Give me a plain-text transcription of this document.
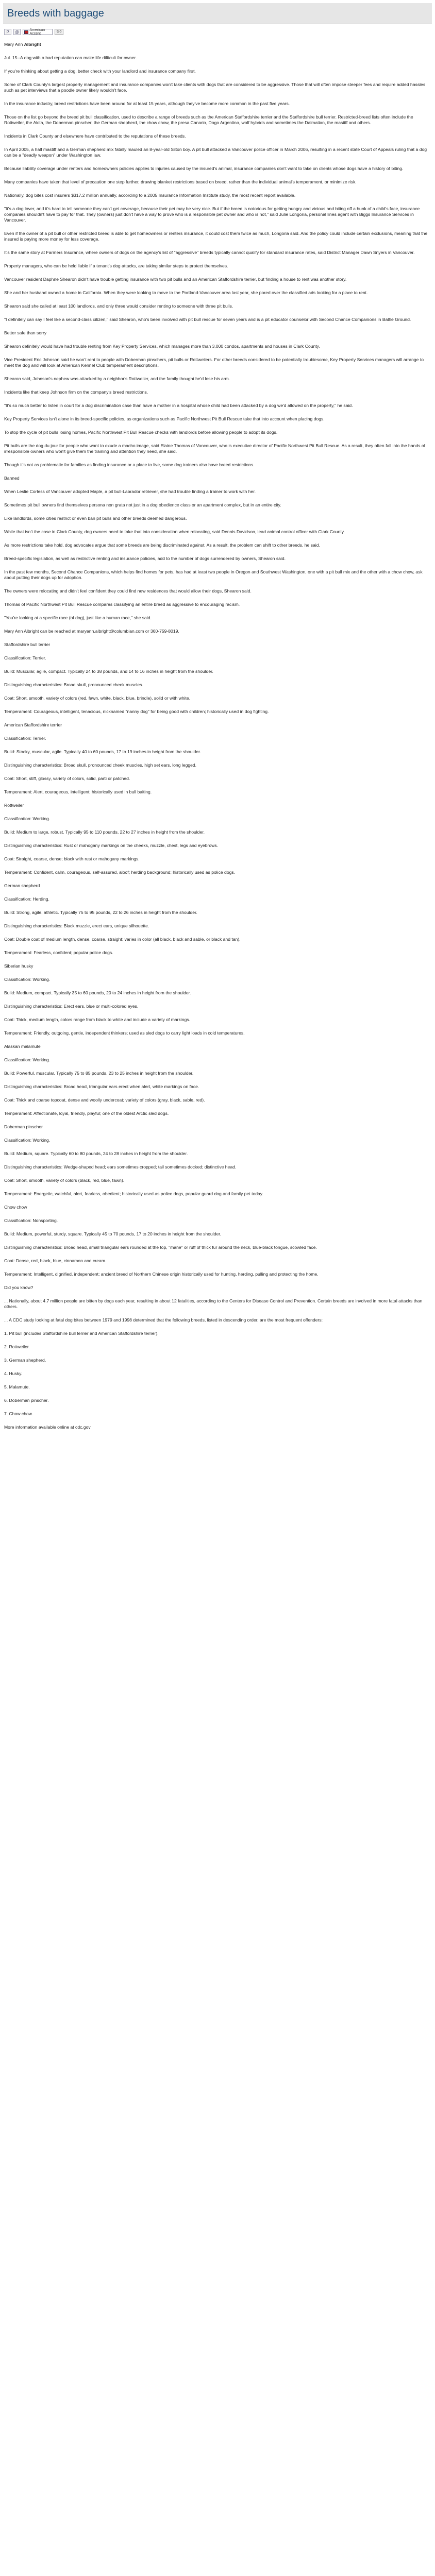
Breeds with baggage
P	@	American Accent
Go

Mary Ann Albright

Jul. 15--A dog with a bad reputation can make life difficult for owner.

If you're thinking about getting a dog, better check with your landlord and insurance company first.

Some of Clark County's largest property management and insurance companies won't take clients with dogs that are considered to be aggressive. Those that will often impose steeper fees and require added hassles such as pet interviews that a poodle owner likely wouldn't face.

In the insurance industry, breed restrictions have been around for at least 15 years, although they've become more common in the past five years.

Those on the list go beyond the breed pit bull classification, used to describe a range of breeds such as the American Staffordshire terrier and the Staffordshire bull terrier. Restricted-breed lists often include the Rottweiler, the Akita, the Doberman pinscher, the German shepherd, the chow chow, the presa Canario, Dogo Argentino, wolf hybrids and sometimes the Dalmatian, the mastiff and others.

Incidents in Clark County and elsewhere have contributed to the reputations of these breeds.

In April 2005, a half mastiff and a German shepherd mix fatally mauled an 8-year-old Silton boy. A pit bull attacked a Vancouver police officer in March 2006, resulting in a recent state Court of Appeals ruling that a dog can be a "deadly weapon" under Washington law.

Because liability coverage under renters and homeowners policies applies to injuries caused by the insured's animal, insurance companies don't want to take on clients whose dogs have a history of biting.

Many companies have taken that level of precaution one step further, drawing blanket restrictions based on breed, rather than the individual animal's temperament, or minimize risk.

Nationally, dog bites cost insurers $317.2 million annually, according to a 2005 Insurance Information Institute study, the most recent report available.

"It's a dog lover, and it's hard to tell someone they can't get coverage, because their pet may be very nice. But if the breed is notorious for getting hungry and vicious and biting off a hunk of a child's face, insurance companies shouldn't have to pay for that. They (owners) just don't have a way to prove who is a responsible pet owner and who is not," said Julie Longoria, personal lines agent with Biggs Insurance Services in Vancouver.

Even if the owner of a pit bull or other restricted breed is able to get homeowners or renters insurance, it could cost them twice as much, Longoria said. And the policy could include certain exclusions, meaning that the insured is paying more money for less coverage.

It's the same story at Farmers Insurance, where owners of dogs on the agency's list of "aggressive" breeds typically cannot qualify for standard insurance rates, said District Manager Dawn Snyers in Vancouver.

Property managers, who can be held liable if a tenant's dog attacks, are taking similar steps to protect themselves.

Vancouver resident Daphne Shearon didn't have trouble getting insurance with two pit bulls and an American Staffordshire terrier, but finding a house to rent was another story.

She and her husband owned a home in California. When they were looking to move to the Portland-Vancouver area last year, she pored over the classified ads looking for a place to rent.

Shearon said she called at least 100 landlords, and only three would consider renting to someone with three pit bulls.

"I definitely can say I feel like a second-class citizen," said Shearon, who's been involved with pit bull rescue for seven years and is a pit educator counselor with Second Chance Companions in Battle Ground.

Better safe than sorry

Shearon definitely would have had trouble renting from Key Property Services, which manages more than 3,000 condos, apartments and houses in Clark County.

Vice President Eric Johnson said he won't rent to people with Doberman pinschers, pit bulls or Rottweilers. For other breeds considered to be potentially troublesome, Key Property Services managers will arrange to meet the dog and will look at American Kennel Club temperament descriptions.

Shearon said, Johnson's nephew was attacked by a neighbor's Rottweiler, and the family thought he'd lose his arm.

Incidents like that keep Johnson firm on the company's breed restrictions.

"It's so much better to listen in court for a dog discrimination case than have a mother in a hospital whose child had been attacked by a dog we'd allowed on the property," he said.

Key Property Services isn't alone in its breed-specific policies, as organizations such as Pacific Northwest Pit Bull Rescue take that into account when placing dogs.

To stop the cycle of pit bulls losing homes, Pacific Northwest Pit Bull Rescue checks with landlords before allowing people to adopt its dogs.

Pit bulls are the dog du jour for people who want to exude a macho image, said Elaine Thomas of Vancouver, who is executive director of Pacific Northwest Pit Bull Rescue. As a result, they often fall into the hands of irresponsible owners who won't give them the training and attention they need, she said.

Though it's not as problematic for families as finding insurance or a place to live, some dog trainers also have breed restrictions.

Banned

When Leslie Corless of Vancouver adopted Maple, a pit bull-Labrador retriever, she had trouble finding a trainer to work with her.

Sometimes pit bull owners find themselves persona non grata not just in a dog obedience class or an apartment complex, but in an entire city.

Like landlords, some cities restrict or even ban pit bulls and other breeds deemed dangerous.

While that isn't the case in Clark County, dog owners need to take that into consideration when relocating, said Dennis Davidson, lead animal control officer with Clark County.

As more restrictions take hold, dog advocates argue that some breeds are being discriminated against. As a result, the problem can shift to other breeds, he said.

Breed-specific legislation, as well as restrictive renting and insurance policies, add to the number of dogs surrendered by owners, Shearon said.

In the past few months, Second Chance Companions, which helps find homes for pets, has had at least two people in Oregon and Southwest Washington, one with a pit bull mix and the other with a chow chow, ask about putting their dogs up for adoption.

The owners were relocating and didn't feel confident they could find new residences that would allow their dogs, Shearon said.

Thomas of Pacific Northwest Pit Bull Rescue compares classifying an entire breed as aggressive to encouraging racism.

"You're looking at a specific race (of dog), just like a human race," she said.

Mary Ann Albright can be reached at maryann.albright@columbian.com or 360-759-8019.

Staffordshire bull terrier

Classification: Terrier.

Build: Muscular, agile, compact. Typically 24 to 38 pounds, and 14 to 16 inches in height from the shoulder.

Distinguishing characteristics: Broad skull, pronounced cheek muscles.

Coat: Short, smooth, variety of colors (red, fawn, white, black, blue, brindle), solid or with white.

Temperament: Courageous, intelligent, tenacious, nicknamed "nanny dog" for being good with children; historically used in dog fighting.

American Staffordshire terrier

Classification: Terrier.

Build: Stocky, muscular, agile. Typically 40 to 60 pounds, 17 to 19 inches in height from the shoulder.

Distinguishing characteristics: Broad skull, pronounced cheek muscles, high set ears, long legged.

Coat: Short, stiff, glossy, variety of colors, solid, parti or patched.

Temperament: Alert, courageous, intelligent; historically used in bull baiting.

Rottweiler

Classification: Working.

Build: Medium to large, robust. Typically 95 to 110 pounds, 22 to 27 inches in height from the shoulder.

Distinguishing characteristics: Rust or mahogany markings on the cheeks, muzzle, chest, legs and eyebrows.

Coat: Straight, coarse, dense; black with rust or mahogany markings.

Temperament: Confident, calm, courageous, self-assured, aloof; herding background; historically used as police dogs.

German shepherd

Classification: Herding.

Build: Strong, agile, athletic. Typically 75 to 95 pounds, 22 to 26 inches in height from the shoulder.

Distinguishing characteristics: Black muzzle, erect ears, unique silhouette.

Coat: Double coat of medium length, dense, coarse, straight; varies in color (all black, black and sable, or black and tan).

Temperament: Fearless, confident; popular police dogs.

Siberian husky

Classification: Working.

Build: Medium, compact. Typically 35 to 60 pounds, 20 to 24 inches in height from the shoulder.

Distinguishing characteristics: Erect ears, blue or multi-colored eyes.

Coat: Thick, medium length, colors range from black to white and include a variety of markings.

Temperament: Friendly, outgoing, gentle, independent thinkers; used as sled dogs to carry light loads in cold temperatures.

Alaskan malamute

Classification: Working.

Build: Powerful, muscular. Typically 75 to 85 pounds, 23 to 25 inches in height from the shoulder.

Distinguishing characteristics: Broad head, triangular ears erect when alert, white markings on face.

Coat: Thick and coarse topcoat, dense and woolly undercoat; variety of colors (gray, black, sable, red).

Temperament: Affectionate, loyal, friendly, playful; one of the oldest Arctic sled dogs.

Doberman pinscher

Classification: Working.

Build: Medium, square. Typically 60 to 80 pounds, 24 to 28 inches in height from the shoulder.

Distinguishing characteristics: Wedge-shaped head; ears sometimes cropped; tail sometimes docked; distinctive head.

Coat: Short, smooth, variety of colors (black, red, blue, fawn).

Temperament: Energetic, watchful, alert, fearless, obedient; historically used as police dogs, popular guard dog and family pet today.

Chow chow

Classification: Nonsporting.

Build: Medium, powerful, sturdy, square. Typically 45 to 70 pounds, 17 to 20 inches in height from the shoulder.

Distinguishing characteristics: Broad head, small triangular ears rounded at the top, "mane" or ruff of thick fur around the neck, blue-black tongue, scowled face.

Coat: Dense, red, black, blue, cinnamon and cream.

Temperament: Intelligent, dignified, independent; ancient breed of Northern Chinese origin historically used for hunting, herding, pulling and protecting the home.

Did you know?

... Nationally, about 4.7 million people are bitten by dogs each year, resulting in about 12 fatalities, according to the Centers for Disease Control and Prevention. Certain breeds are involved in more fatal attacks than others.

... A CDC study looking at fatal dog bites between 1979 and 1998 determined that the following breeds, listed in descending order, are the most frequent offenders:

1. Pit bull (includes Staffordshire bull terrier and American Staffordshire terrier).

2. Rottweiler.

3. German shepherd.

4. Husky.

5. Malamute.

6. Doberman pinscher.

7. Chow chow.

More information available online at cdc.gov
